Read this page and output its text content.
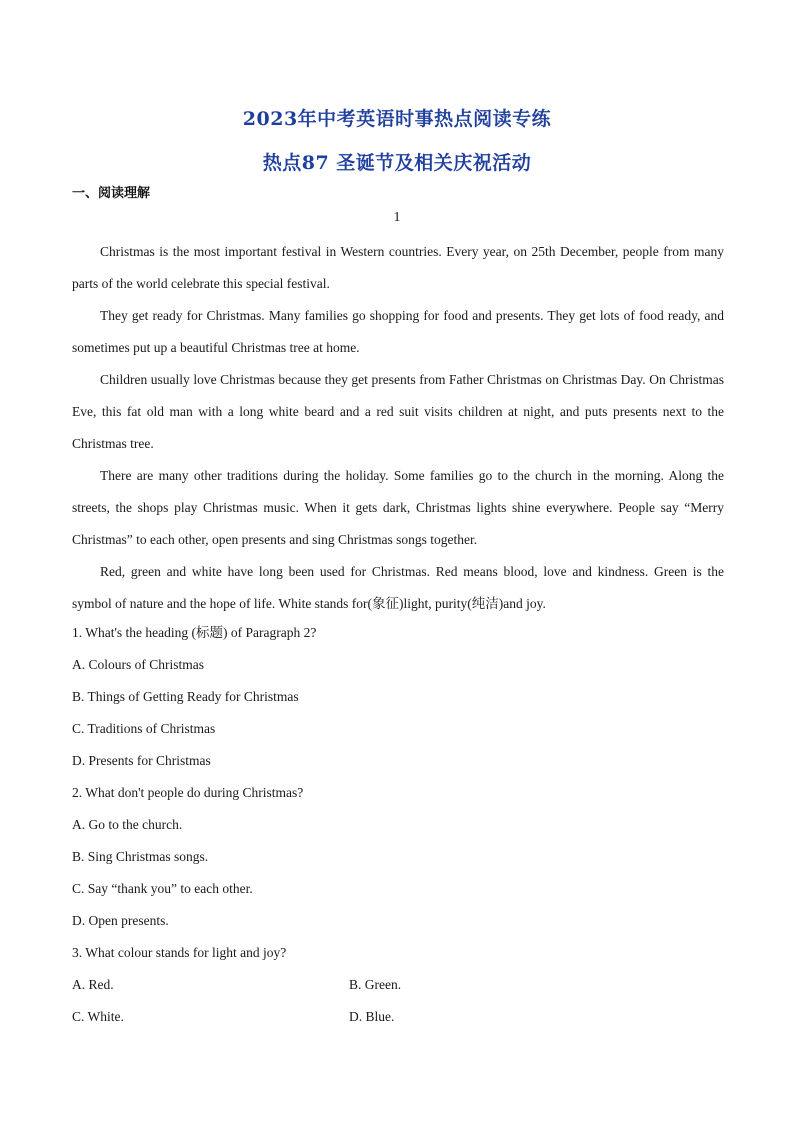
2023年中考英语时事热点阅读专练
热点87 圣诞节及相关庆祝活动
一、阅读理解
1

Christmas is the most important festival in Western countries. Every year, on 25th December, people from many parts of the world celebrate this special festival.

They get ready for Christmas. Many families go shopping for food and presents. They get lots of food ready, and sometimes put up a beautiful Christmas tree at home.

Children usually love Christmas because they get presents from Father Christmas on Christmas Day. On Christmas Eve, this fat old man with a long white beard and a red suit visits children at night, and puts presents next to the Christmas tree.

There are many other traditions during the holiday. Some families go to the church in the morning. Along the streets, the shops play Christmas music. When it gets dark, Christmas lights shine everywhere. People say “Merry Christmas” to each other, open presents and sing Christmas songs together.

Red, green and white have long been used for Christmas. Red means blood, love and kindness. Green is the symbol of nature and the hope of life. White stands for(象征)light, purity(纯洁)and joy.

1. What's the heading (标题) of Paragraph 2?
A. Colours of Christmas
B. Things of Getting Ready for Christmas
C. Traditions of Christmas
D. Presents for Christmas
2. What don't people do during Christmas?
A. Go to the church.
B. Sing Christmas songs.
C. Say “thank you” to each other.
D. Open presents.
3. What colour stands for light and joy?
A. Red.	B. Green.
C. White.	D. Blue.
